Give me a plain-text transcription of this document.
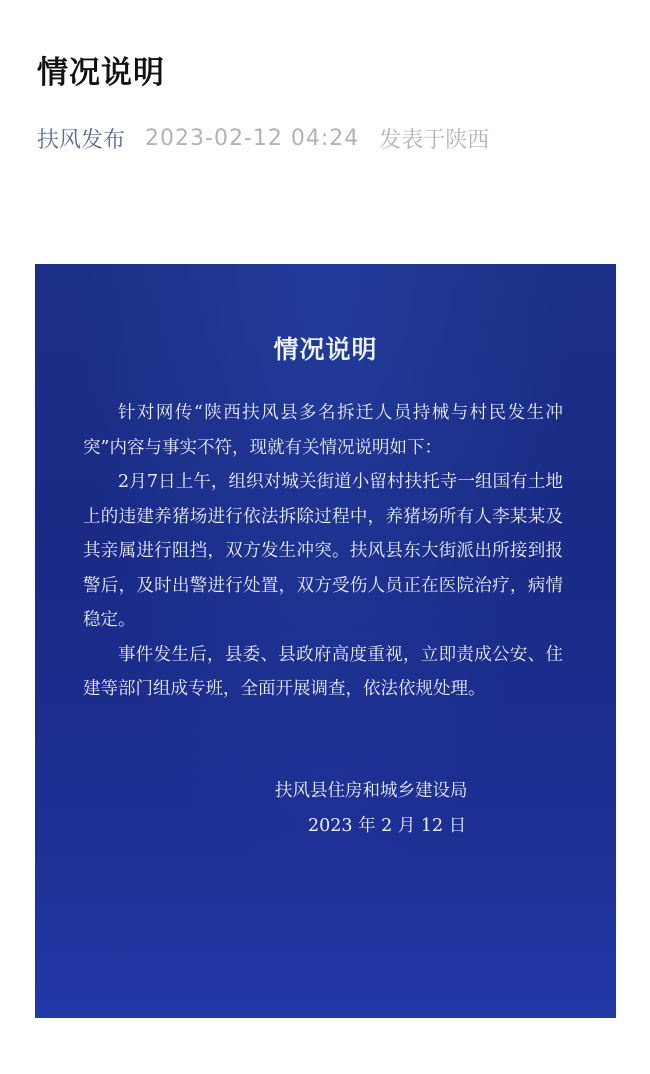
情况说明
扶风发布 2023-02-12 04:24 发表于陕西
情况说明

针对网传“陕西扶风县多名拆迁人员持械与村民发生冲突”内容与事实不符，现就有关情况说明如下：

2月7日上午，组织对城关街道小留村扶托寺一组国有土地上的违建养猪场进行依法拆除过程中，养猪场所有人李某某及其亲属进行阻挡，双方发生冲突。扶风县东大街派出所接到报警后，及时出警进行处置，双方受伤人员正在医院治疗，病情稳定。

事件发生后，县委、县政府高度重视，立即责成公安、住建等部门组成专班，全面开展调查，依法依规处理。

扶风县住房和城乡建设局
2023 年 2 月 12 日
